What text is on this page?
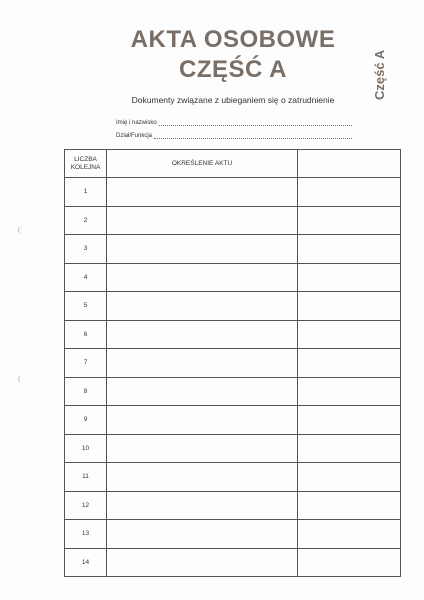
AKTA OSOBOWE
CZĘŚĆ A	Część A
Dokumenty związane z ubieganiem się o zatrudnienie
Imię i nazwisko
Dział/Funkcja
LICZBA KOLEJNA	OKREŚLENIE AKTU	
1		
2		
3		
4		
5		
6		
7		
8		
9		
10		
11		
12		
13		
14		
